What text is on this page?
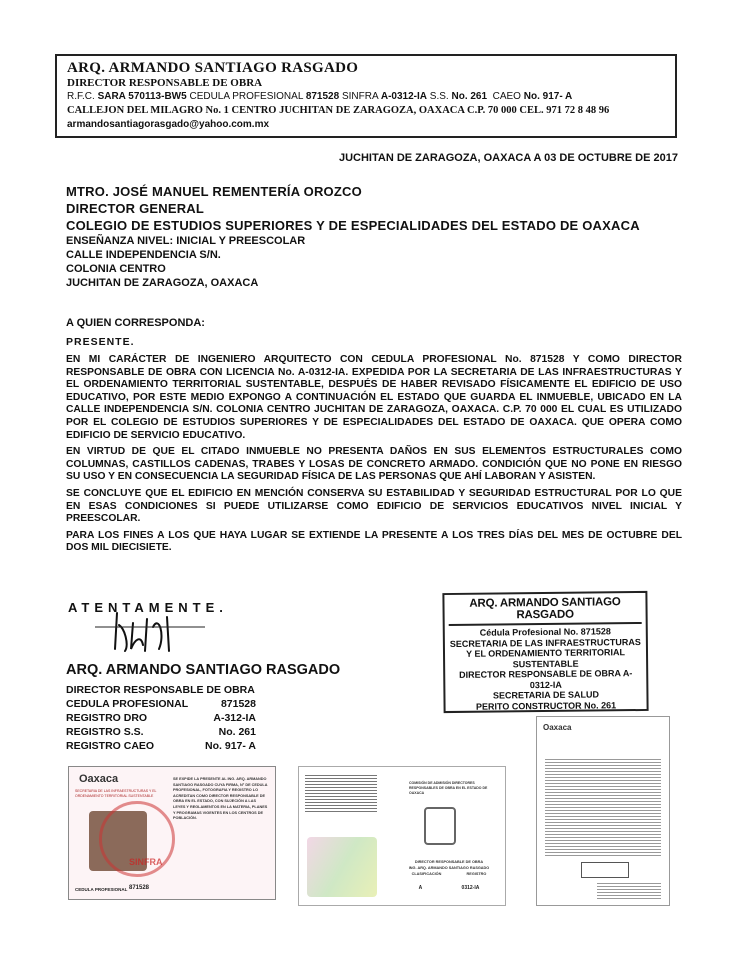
ARQ. ARMANDO SANTIAGO RASGADO
DIRECTOR RESPONSABLE DE OBRA
R.F.C. SARA 570113-BW5 CEDULA PROFESIONAL 871528 SINFRA A-0312-IA S.S. No. 261 CAEO No. 917- A
CALLEJON DEL MILAGRO No. 1 CENTRO JUCHITAN DE ZARAGOZA, OAXACA C.P. 70 000 CEL. 971 72 8 48 96
armandosantiagorasgado@yahoo.com.mx
JUCHITAN DE ZARAGOZA, OAXACA A 03 DE OCTUBRE DE 2017
MTRO. JOSÉ MANUEL REMENTERÍA OROZCO
DIRECTOR GENERAL
COLEGIO DE ESTUDIOS SUPERIORES Y DE ESPECIALIDADES DEL ESTADO DE OAXACA
ENSEÑANZA NIVEL: INICIAL Y PREESCOLAR
CALLE INDEPENDENCIA S/N.
COLONIA CENTRO
JUCHITAN DE ZARAGOZA, OAXACA
A QUIEN CORRESPONDA:
PRESENTE.

EN MI CARÁCTER DE INGENIERO ARQUITECTO CON CEDULA PROFESIONAL No. 871528 Y COMO DIRECTOR RESPONSABLE DE OBRA CON LICENCIA No. A-0312-IA. EXPEDIDA POR LA SECRETARIA DE LAS INFRAESTRUCTURAS Y EL ORDENAMIENTO TERRITORIAL SUSTENTABLE, DESPUÉS DE HABER REVISADO FÍSICAMENTE EL EDIFICIO DE USO EDUCATIVO, POR ESTE MEDIO EXPONGO A CONTINUACIÓN EL ESTADO QUE GUARDA EL INMUEBLE, UBICADO EN LA CALLE INDEPENDENCIA S/N. COLONIA CENTRO JUCHITAN DE ZARAGOZA, OAXACA. C.P. 70 000 EL CUAL ES UTILIZADO POR EL COLEGIO DE ESTUDIOS SUPERIORES Y DE ESPECIALIDADES DEL ESTADO DE OAXACA. QUE OPERA COMO EDIFICIO DE SERVICIO EDUCATIVO.

EN VIRTUD DE QUE EL CITADO INMUEBLE NO PRESENTA DAÑOS EN SUS ELEMENTOS ESTRUCTURALES COMO COLUMNAS, CASTILLOS CADENAS, TRABES Y LOSAS DE CONCRETO ARMADO. CONDICIÓN QUE NO PONE EN RIESGO SU USO Y EN CONSECUENCIA LA SEGURIDAD FÍSICA DE LAS PERSONAS QUE AHÍ LABORAN Y ASISTEN.

SE CONCLUYE QUE EL EDIFICIO EN MENCIÓN CONSERVA SU ESTABILIDAD Y SEGURIDAD ESTRUCTURAL POR LO QUE EN ESAS CONDICIONES SI PUEDE UTILIZARSE COMO EDIFICIO DE SERVICIOS EDUCATIVOS NIVEL INICIAL Y PREESCOLAR.

PARA LOS FINES A LOS QUE HAYA LUGAR SE EXTIENDE LA PRESENTE A LOS TRES DÍAS DEL MES DE OCTUBRE DEL DOS MIL DIECISIETE.

ATENTAMENTE.
ARQ. ARMANDO SANTIAGO RASGADO
DIRECTOR RESPONSABLE DE OBRA
CEDULA PROFESIONAL	871528
REGISTRO DRO	A-312-IA
REGISTRO S.S.	No. 261
REGISTRO CAEO	No. 917- A
ARQ. ARMANDO SANTIAGO RASGADO
Cédula Profesional No. 871528
SECRETARIA DE LAS INFRAESTRUCTURAS
Y EL ORDENAMIENTO TERRITORIAL
SUSTENTABLE
DIRECTOR RESPONSABLE DE OBRA A-0312-IA
SECRETARIA DE SALUD
PERITO CONSTRUCTOR No. 261
Oaxaca
SECRETARIA DE LAS INFRAESTRUCTURAS Y EL ORDENAMIENTO TERRITORIAL SUSTENTABLE
SINFRA
SE EXPIDE LA PRESENTE AL ING. ARQ. ARMANDO SANTIAGO RASGADO CUYA FIRMA, N° DE CEDULA PROFESIONAL, FOTOGRAFIA Y REGISTRO LO ACREDITAN COMO DIRECTOR RESPONSABLE DE OBRA EN EL ESTADO, CON SUJECIÓN A LAS LEYES Y REGLAMENTOS EN LA MATERIA, PLANES Y PROGRAMAS VIGENTES EN LOS CENTROS DE POBLACIÓN.
CEDULA PROFESIONAL 871528
COMISIÓN DE ADMISIÓN DIRECTORES RESPONSABLES DE OBRA EN EL ESTADO DE OAXACA
DIRECTOR RESPONSABLE DE OBRA
ING. ARQ. ARMANDO SANTIAGO RASGADO
CLASIFICACIÓN	REGISTRO
A	0312-IA
Oaxaca
